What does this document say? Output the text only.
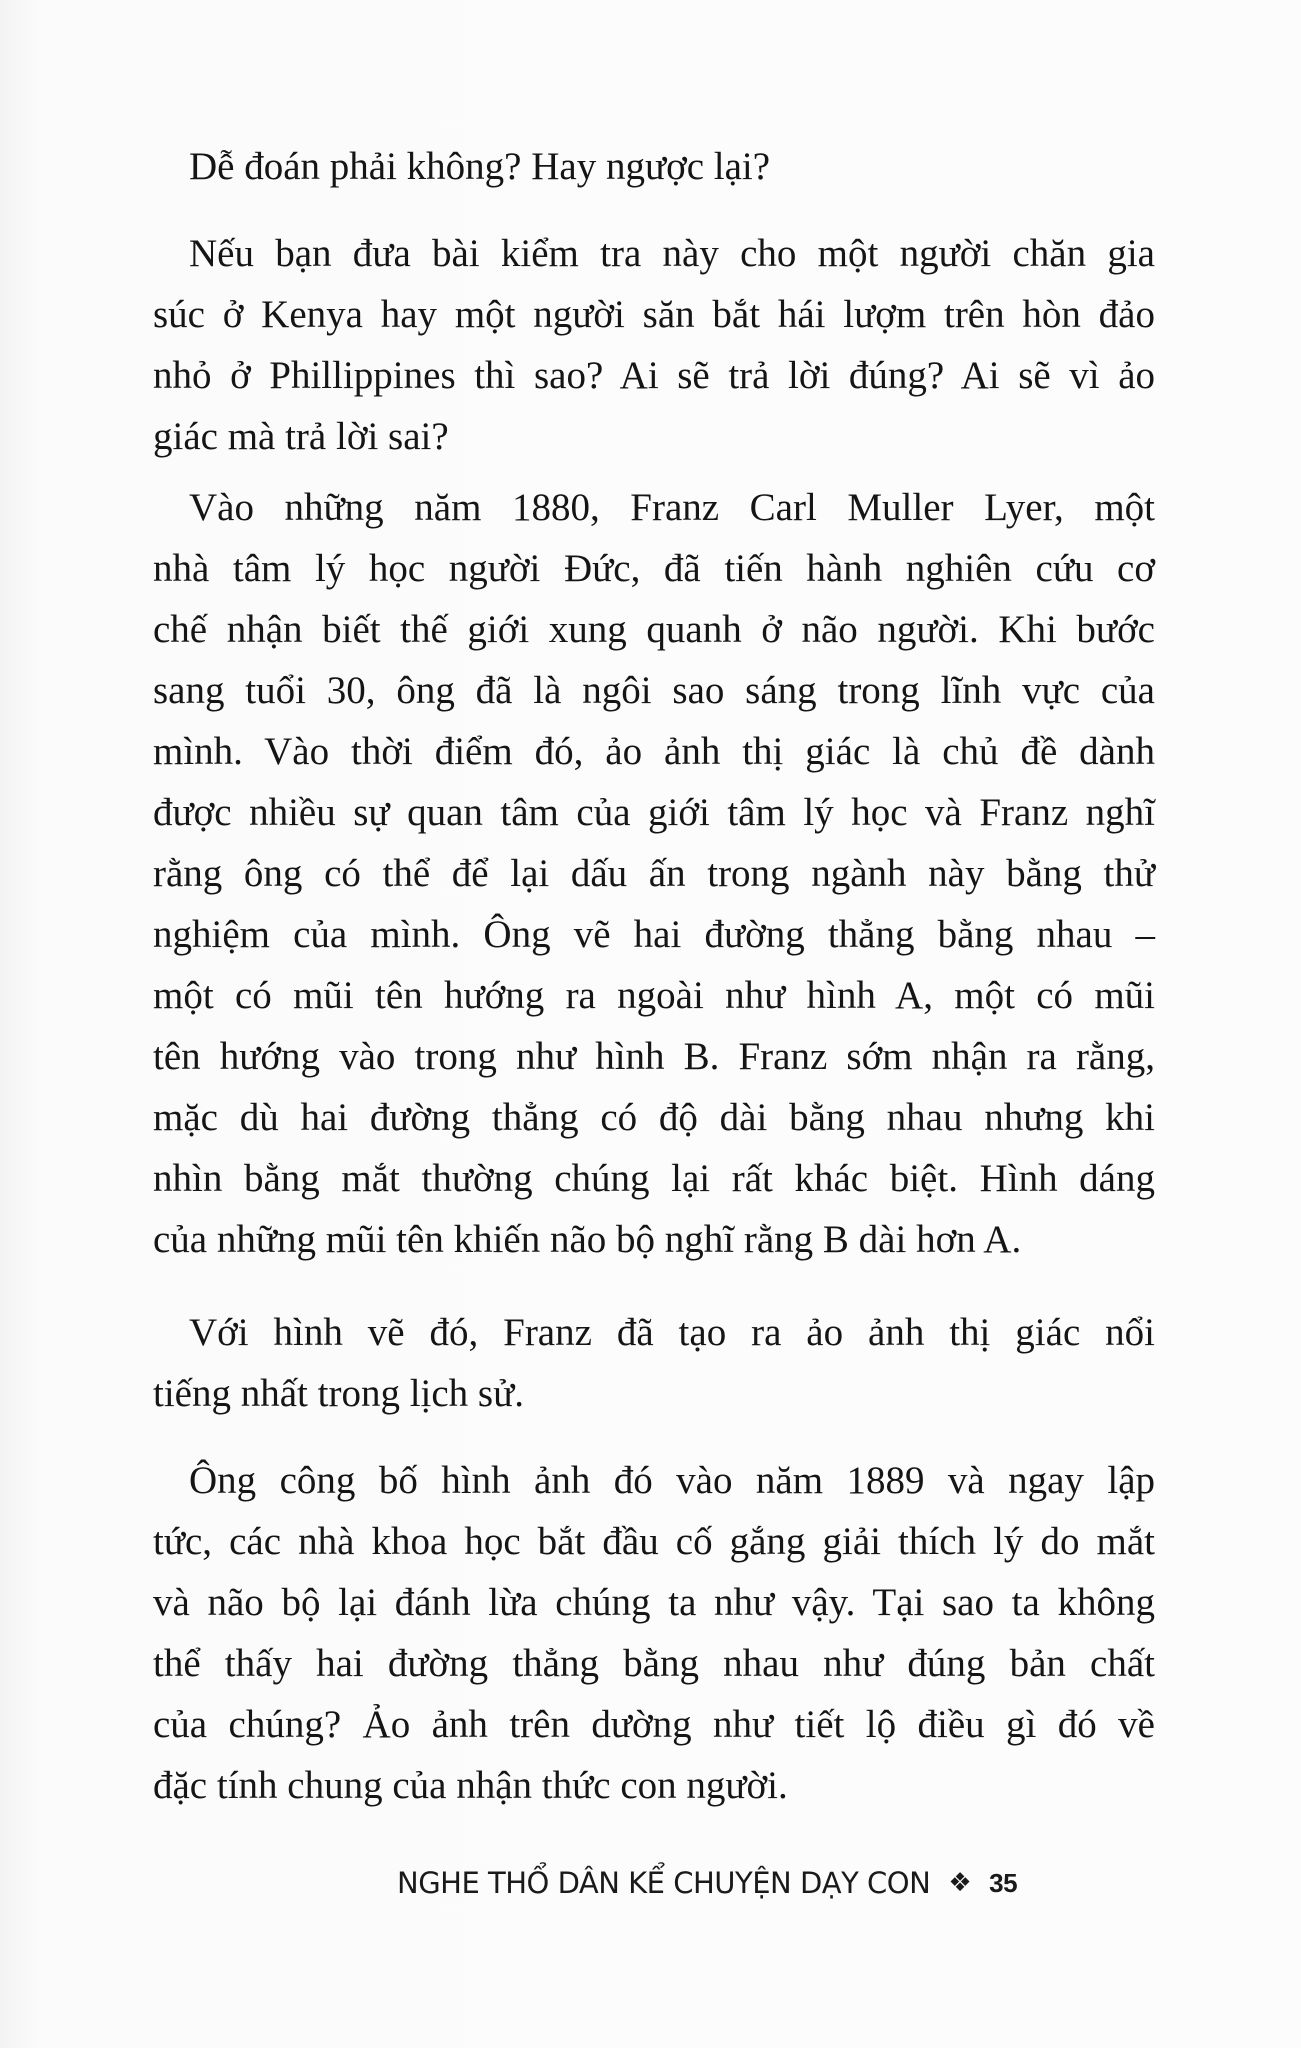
Dễ đoán phải không? Hay ngược lại?
Nếu bạn đưa bài kiểm tra này cho một người chăn gia
súc ở Kenya hay một người săn bắt hái lượm trên hòn đảo
nhỏ ở Phillippines thì sao? Ai sẽ trả lời đúng? Ai sẽ vì ảo
giác mà trả lời sai?
Vào những năm 1880, Franz Carl Muller Lyer, một
nhà tâm lý học người Đức, đã tiến hành nghiên cứu cơ
chế nhận biết thế giới xung quanh ở não người. Khi bước
sang tuổi 30, ông đã là ngôi sao sáng trong lĩnh vực của
mình. Vào thời điểm đó, ảo ảnh thị giác là chủ đề dành
được nhiều sự quan tâm của giới tâm lý học và Franz nghĩ
rằng ông có thể để lại dấu ấn trong ngành này bằng thử
nghiệm của mình. Ông vẽ hai đường thẳng bằng nhau –
một có mũi tên hướng ra ngoài như hình A, một có mũi
tên hướng vào trong như hình B. Franz sớm nhận ra rằng,
mặc dù hai đường thẳng có độ dài bằng nhau nhưng khi
nhìn bằng mắt thường chúng lại rất khác biệt. Hình dáng
của những mũi tên khiến não bộ nghĩ rằng B dài hơn A.
Với hình vẽ đó, Franz đã tạo ra ảo ảnh thị giác nổi
tiếng nhất trong lịch sử.
Ông công bố hình ảnh đó vào năm 1889 và ngay lập
tức, các nhà khoa học bắt đầu cố gắng giải thích lý do mắt
và não bộ lại đánh lừa chúng ta như vậy. Tại sao ta không
thể thấy hai đường thẳng bằng nhau như đúng bản chất
của chúng? Ảo ảnh trên dường như tiết lộ điều gì đó về
đặc tính chung của nhận thức con người.
NGHE THỔ DÂN KỂ CHUYỆN DẠY CON ❖ 35
